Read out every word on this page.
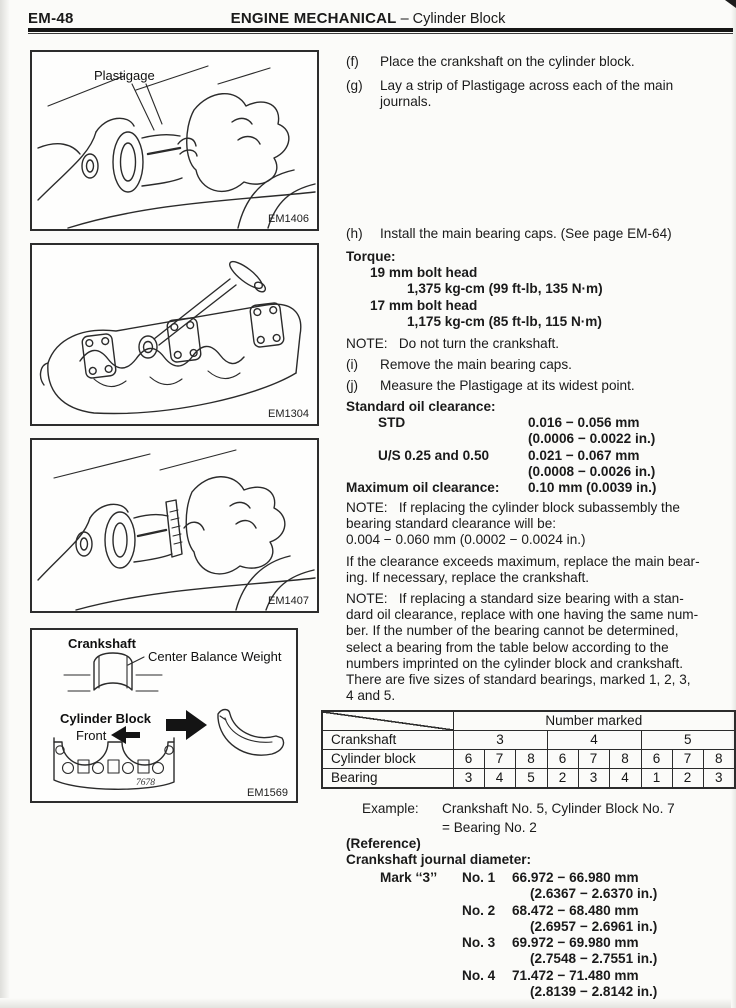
EM-48	ENGINE MECHANICAL – Cylinder Block
Plastigage
EM1406
EM1304
EM1407
Crankshaft
Center Balance Weight
Cylinder Block
Front
7678
EM1569
(f) Place the crankshaft on the cylinder block.
(g) Lay a strip of Plastigage across each of the main
journals.
(h) Install the main bearing caps. (See page EM-64)
Torque:
19 mm bolt head
1,375 kg-cm (99 ft-lb, 135 N·m)
17 mm bolt head
1,175 kg-cm (85 ft-lb, 115 N·m)
NOTE:   Do not turn the crankshaft.
(i) Remove the main bearing caps.
(j) Measure the Plastigage at its widest point.
Standard oil clearance:
STD	0.016 − 0.056 mm
(0.0006 − 0.0022 in.)
U/S 0.25 and 0.50	0.021 − 0.067 mm
(0.0008 − 0.0026 in.)
Maximum oil clearance: 0.10 mm (0.0039 in.)
NOTE:   If replacing the cylinder block subassembly the
bearing standard clearance will be:
0.004 − 0.060 mm (0.0002 − 0.0024 in.)
If the clearance exceeds maximum, replace the main bear-
ing. If necessary, replace the crankshaft.
NOTE:   If replacing a standard size bearing with a stan-
dard oil clearance, replace with one having the same num-
ber. If the number of the bearing cannot be determined,
select a bearing from the table below according to the
numbers imprinted on the cylinder block and crankshaft.
There are five sizes of standard bearings, marked 1, 2, 3,
4 and 5.
	Number marked								
Crankshaft	3			4			5		
Cylinder block	6	7	8	6	7	8	6	7	8
Bearing	3	4	5	2	3	4	1	2	3
Example:	Crankshaft No. 5, Cylinder Block No. 7
= Bearing No. 2
(Reference)
Crankshaft journal diameter:
Mark ‘‘3’’ No. 1	66.972 − 66.980 mm
(2.6367 − 2.6370 in.)
No. 2	68.472 − 68.480 mm
(2.6957 − 2.6961 in.)
No. 3	69.972 − 69.980 mm
(2.7548 − 2.7551 in.)
No. 4	71.472 − 71.480 mm
(2.8139 − 2.8142 in.)
